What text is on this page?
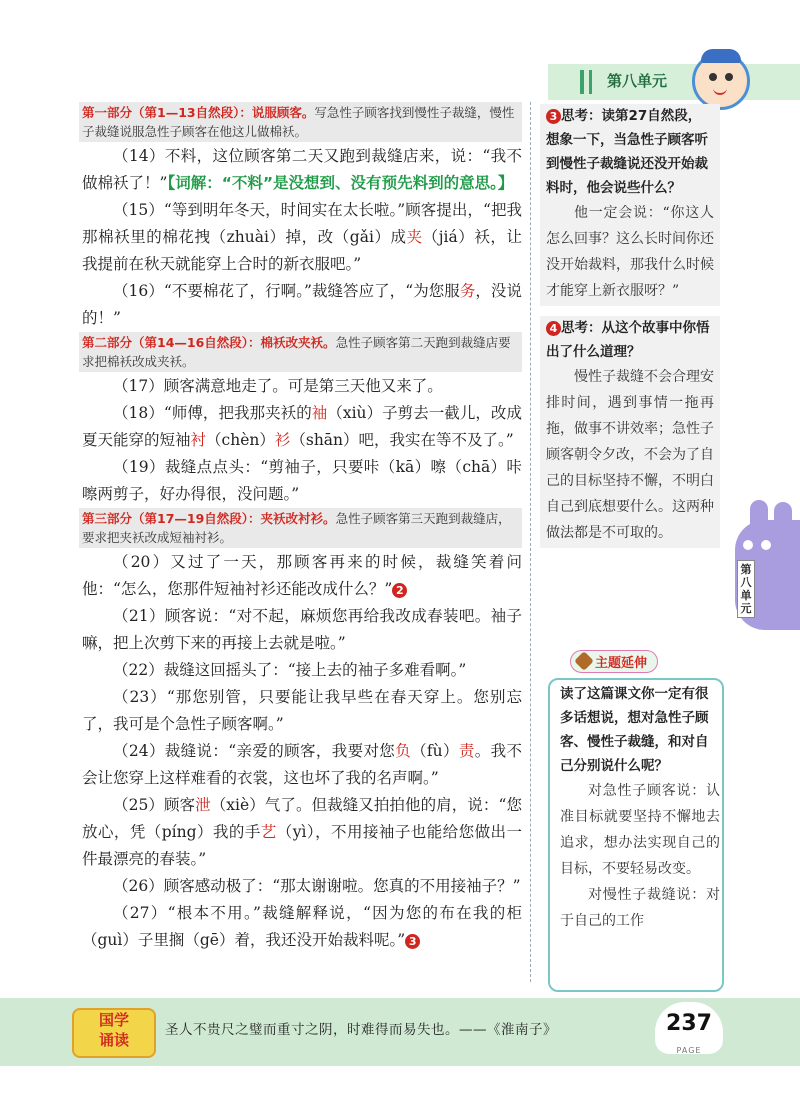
第八单元
第一部分（第1—13自然段）：说服顾客。写急性子顾客找到慢性子裁缝，慢性子裁缝说服急性子顾客在他这儿做棉袄。

（14）不料，这位顾客第二天又跑到裁缝店来，说：“我不做棉袄了！”【词解：“不料”是没想到、没有预先料到的意思。】

（15）“等到明年冬天，时间实在太长啦。”顾客提出，“把我那棉袄里的棉花拽（zhuài）掉，改（gǎi）成夹（jiá）袄，让我提前在秋天就能穿上合时的新衣服吧。”

（16）“不要棉花了，行啊。”裁缝答应了，“为您服务，没说的！”

第二部分（第14—16自然段）：棉袄改夹袄。急性子顾客第二天跑到裁缝店要求把棉袄改成夹袄。

（17）顾客满意地走了。可是第三天他又来了。

（18）“师傅，把我那夹袄的袖（xiù）子剪去一截儿，改成夏天能穿的短袖衬（chèn）衫（shān）吧，我实在等不及了。”

（19）裁缝点点头：“剪袖子，只要咔（kā）嚓（chā）咔嚓两剪子，好办得很，没问题。”

第三部分（第17—19自然段）：夹袄改衬衫。急性子顾客第三天跑到裁缝店，要求把夹袄改成短袖衬衫。

（20）又过了一天，那顾客再来的时候，裁缝笑着问他：“怎么，您那件短袖衬衫还能改成什么？” 2

（21）顾客说：“对不起，麻烦您再给我改成春装吧。袖子嘛，把上次剪下来的再接上去就是啦。”

（22）裁缝这回摇头了：“接上去的袖子多难看啊。”

（23）“那您别管，只要能让我早些在春天穿上。您别忘了，我可是个急性子顾客啊。”

（24）裁缝说：“亲爱的顾客，我要对您负（fù）责。我不会让您穿上这样难看的衣裳，这也坏了我的名声啊。”

（25）顾客泄（xiè）气了。但裁缝又拍拍他的肩，说：“您放心，凭（píng）我的手艺（yì），不用接袖子也能给您做出一件最漂亮的春装。”

（26）顾客感动极了：“那太谢谢啦。您真的不用接袖子？”

（27）“根本不用。”裁缝解释说，“因为您的布在我的柜（guì）子里搁（gē）着，我还没开始裁料呢。” 3

3 思考：读第27自然段，想象一下，当急性子顾客听到慢性子裁缝说还没开始裁料时，他会说些什么？
他一定会说：“你这人怎么回事？这么长时间你还没开始裁料，那我什么时候才能穿上新衣服呀？”
4 思考：从这个故事中你悟出了什么道理？
慢性子裁缝不会合理安排时间，遇到事情一拖再拖，做事不讲效率；急性子顾客朝令夕改，不会为了自己的目标坚持不懈，不明白自己到底想要什么。这两种做法都是不可取的。
主题延伸
读了这篇课文你一定有很多话想说，想对急性子顾客、慢性子裁缝，和对自己分别说什么呢？
对急性子顾客说：认准目标就要坚持不懈地去追求，想办法实现自己的目标，不要轻易改变。
对慢性子裁缝说：对于自己的工作
第八单元
国学
诵读
圣人不贵尺之璧而重寸之阴，时难得而易失也。——《淮南子》	237
PAGE
